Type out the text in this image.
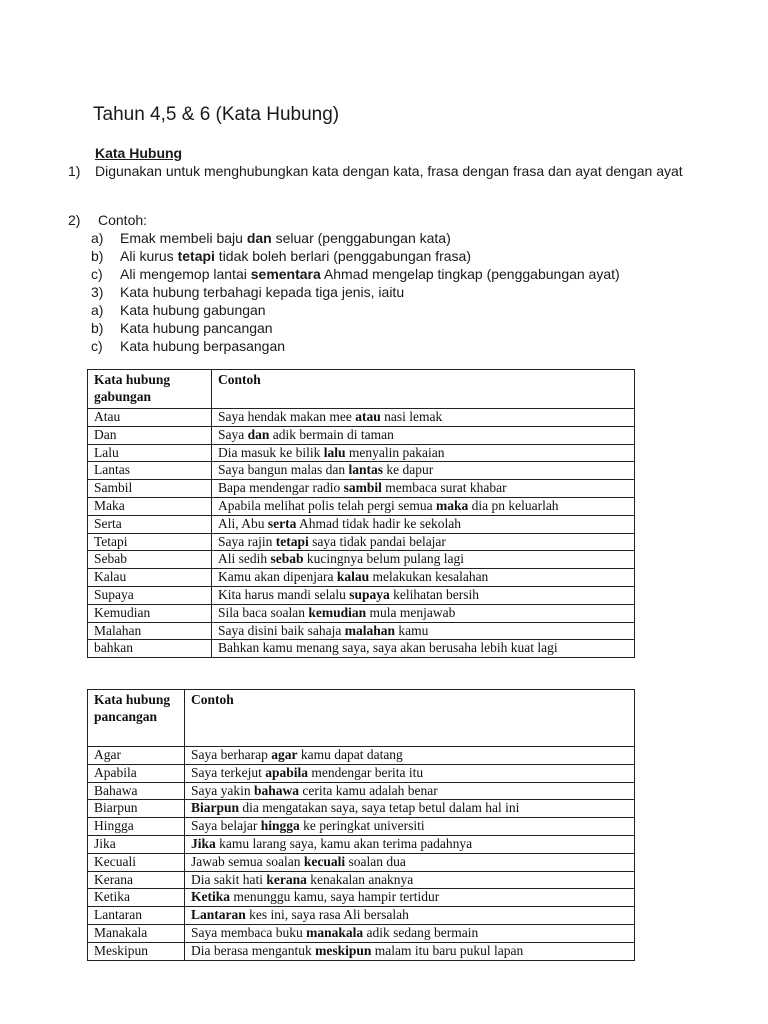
Tahun 4,5 & 6 (Kata Hubung)
Kata Hubung
1) Digunakan untuk menghubungkan kata dengan kata, frasa dengan frasa dan ayat dengan ayat
2) Contoh:
a) Emak membeli baju dan seluar (penggabungan kata)
b) Ali kurus tetapi tidak boleh berlari (penggabungan frasa)
c) Ali mengemop lantai sementara Ahmad mengelap tingkap (penggabungan ayat)
3) Kata hubung terbahagi kepada tiga jenis, iaitu
a) Kata hubung gabungan
b) Kata hubung pancangan
c) Kata hubung berpasangan
Kata hubung gabungan	Contoh
Atau	Saya hendak makan mee atau nasi lemak
Dan	Saya dan adik bermain di taman
Lalu	Dia masuk ke bilik lalu menyalin pakaian
Lantas	Saya bangun malas dan lantas ke dapur
Sambil	Bapa mendengar radio sambil membaca surat khabar
Maka	Apabila melihat polis telah pergi semua maka dia pn keluarlah
Serta	Ali, Abu serta Ahmad tidak hadir ke sekolah
Tetapi	Saya rajin tetapi saya tidak pandai belajar
Sebab	Ali sedih sebab kucingnya belum pulang lagi
Kalau	Kamu akan dipenjara kalau melakukan kesalahan
Supaya	Kita harus mandi selalu supaya kelihatan bersih
Kemudian	Sila baca soalan kemudian mula menjawab
Malahan	Saya disini baik sahaja malahan kamu
bahkan	Bahkan kamu menang saya, saya akan berusaha lebih kuat lagi
Kata hubung pancangan	Contoh
Agar	Saya berharap agar kamu dapat datang
Apabila	Saya terkejut apabila mendengar berita itu
Bahawa	Saya yakin bahawa cerita kamu adalah benar
Biarpun	Biarpun dia mengatakan saya, saya tetap betul dalam hal ini
Hingga	Saya belajar hingga ke peringkat universiti
Jika	Jika kamu larang saya, kamu akan terima padahnya
Kecuali	Jawab semua soalan kecuali soalan dua
Kerana	Dia sakit hati kerana kenakalan anaknya
Ketika	Ketika menunggu kamu, saya hampir tertidur
Lantaran	Lantaran kes ini, saya rasa Ali bersalah
Manakala	Saya membaca buku manakala adik sedang bermain
Meskipun	Dia berasa mengantuk meskipun malam itu baru pukul lapan
